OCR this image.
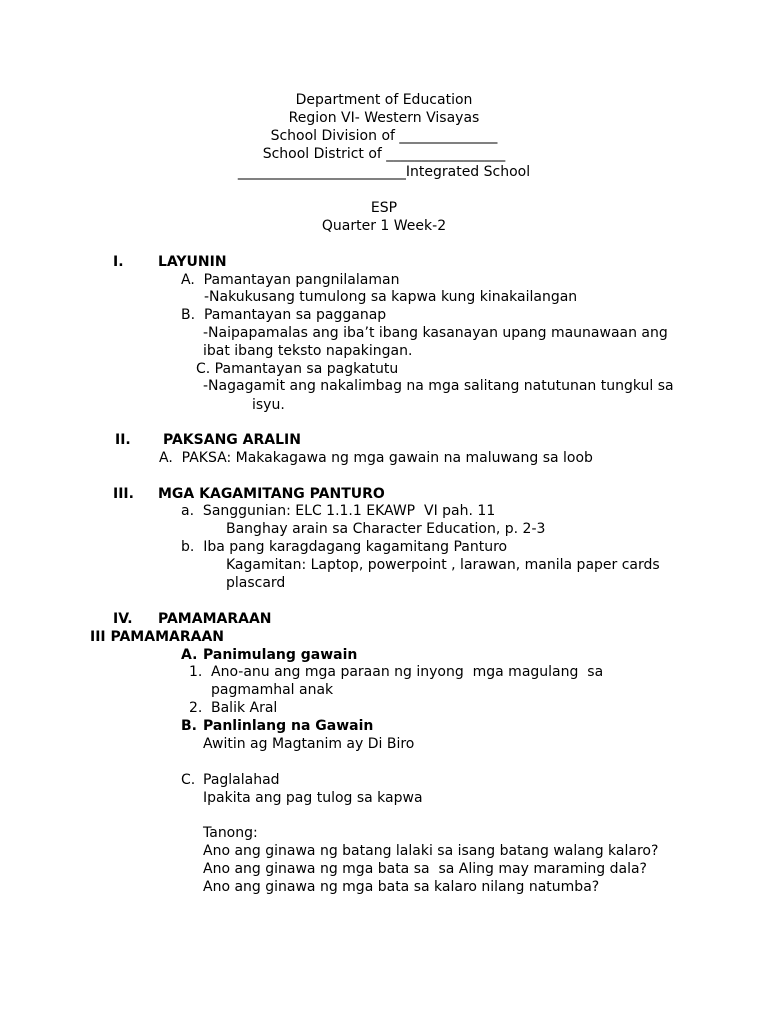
Department of Education
Region VI- Western Visayas
School Division of ______________
School District of _________________
________________________Integrated School
ESP
Quarter 1 Week-2
I. LAYUNIN
A.  Pamantayan pangnilalaman
-Nakukusang tumulong sa kapwa kung kinakailangan
B.  Pamantayan sa pagganap
-Naipapamalas ang iba’t ibang kasanayan upang maunawaan ang
ibat ibang teksto napakingan.
C. Pamantayan sa pagkatutu
-Nagagamit ang nakalimbag na mga salitang natutunan tungkul sa
isyu.
II. PAKSANG ARALIN
A.  PAKSA: Makakagawa ng mga gawain na maluwang sa loob
III. MGA KAGAMITANG PANTURO
a.  Sanggunian: ELC 1.1.1 EKAWP  VI pah. 11
Banghay arain sa Character Education, p. 2-3
b.  Iba pang karagdagang kagamitang Panturo
Kagamitan: Laptop, powerpoint , larawan, manila paper cards
plascard
IV. PAMAMARAAN
III PAMAMARAAN
A. Panimulang gawain
1. Ano-anu ang mga paraan ng inyong  mga magulang  sa
pagmamhal anak
2. Balik Aral
B. Panlinlang na Gawain
Awitin ag Magtanim ay Di Biro
C. Paglalahad
Ipakita ang pag tulog sa kapwa
Tanong:
Ano ang ginawa ng batang lalaki sa isang batang walang kalaro?
Ano ang ginawa ng mga bata sa  sa Aling may maraming dala?
Ano ang ginawa ng mga bata sa kalaro nilang natumba?
